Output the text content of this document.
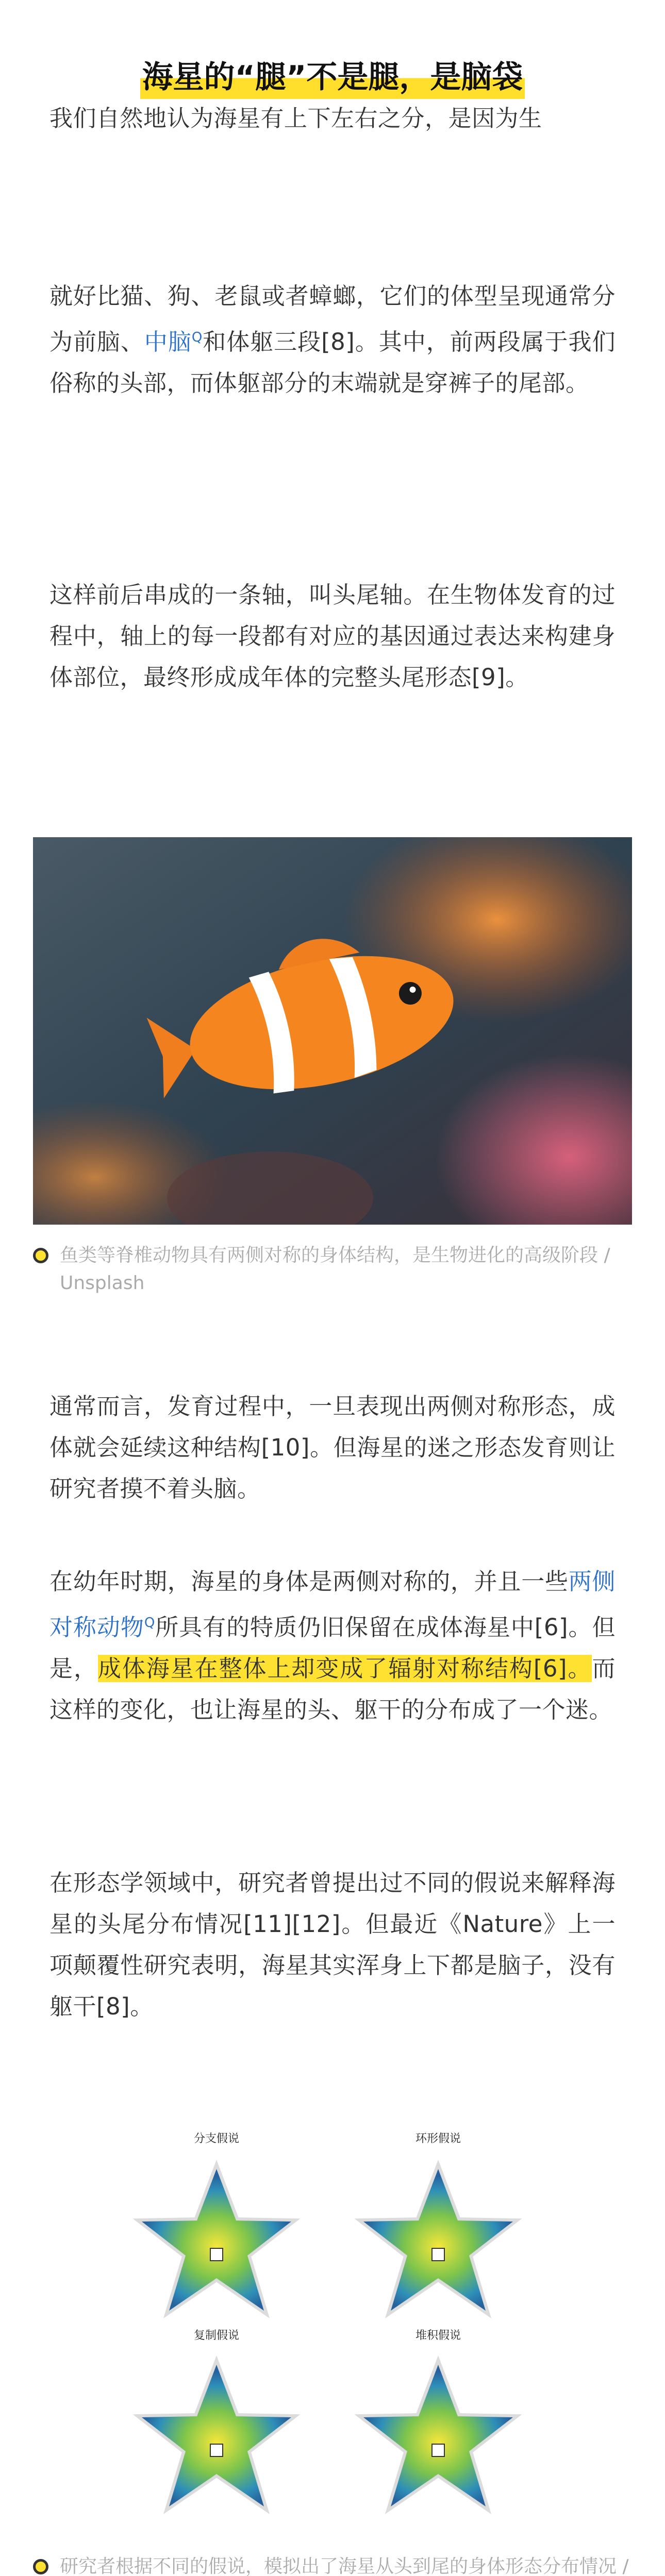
海星的“腿”不是腿，是脑袋

我们自然地认为海星有上下左右之分，是因为生

就好比猫、狗、老鼠或者蟑螂，它们的体型呈现通常分为前脑、中脑$^Q$和体躯三段[8]。其中，前两段属于我们俗称的头部，而体躯部分的末端就是穿裤子的尾部。

这样前后串成的一条轴，叫头尾轴。在生物体发育的过程中，轴上的每一段都有对应的基因通过表达来构建身体部位，最终形成成年体的完整头尾形态[9]。

鱼类等脊椎动物具有两侧对称的身体结构，是生物进化的高级阶段 / Unsplash

通常而言，发育过程中，一旦表现出两侧对称形态，成体就会延续这种结构[10]。但海星的迷之形态发育则让研究者摸不着头脑。

在幼年时期，海星的身体是两侧对称的，并且一些两侧对称动物$^Q$所具有的特质仍旧保留在成体海星中[6]。但是，成体海星在整体上却变成了辐射对称结构[6]。而这样的变化，也让海星的头、躯干的分布成了一个迷。

在形态学领域中，研究者曾提出过不同的假说来解释海星的头尾分布情况[11][12]。但最近《Nature》上一项颠覆性研究表明，海星其实浑身上下都是脑子，没有躯干[8]。

分支假说	环形假说
复制假说	堆积假说
研究者根据不同的假说，模拟出了海星从头到尾的身体形态分布情况 /
